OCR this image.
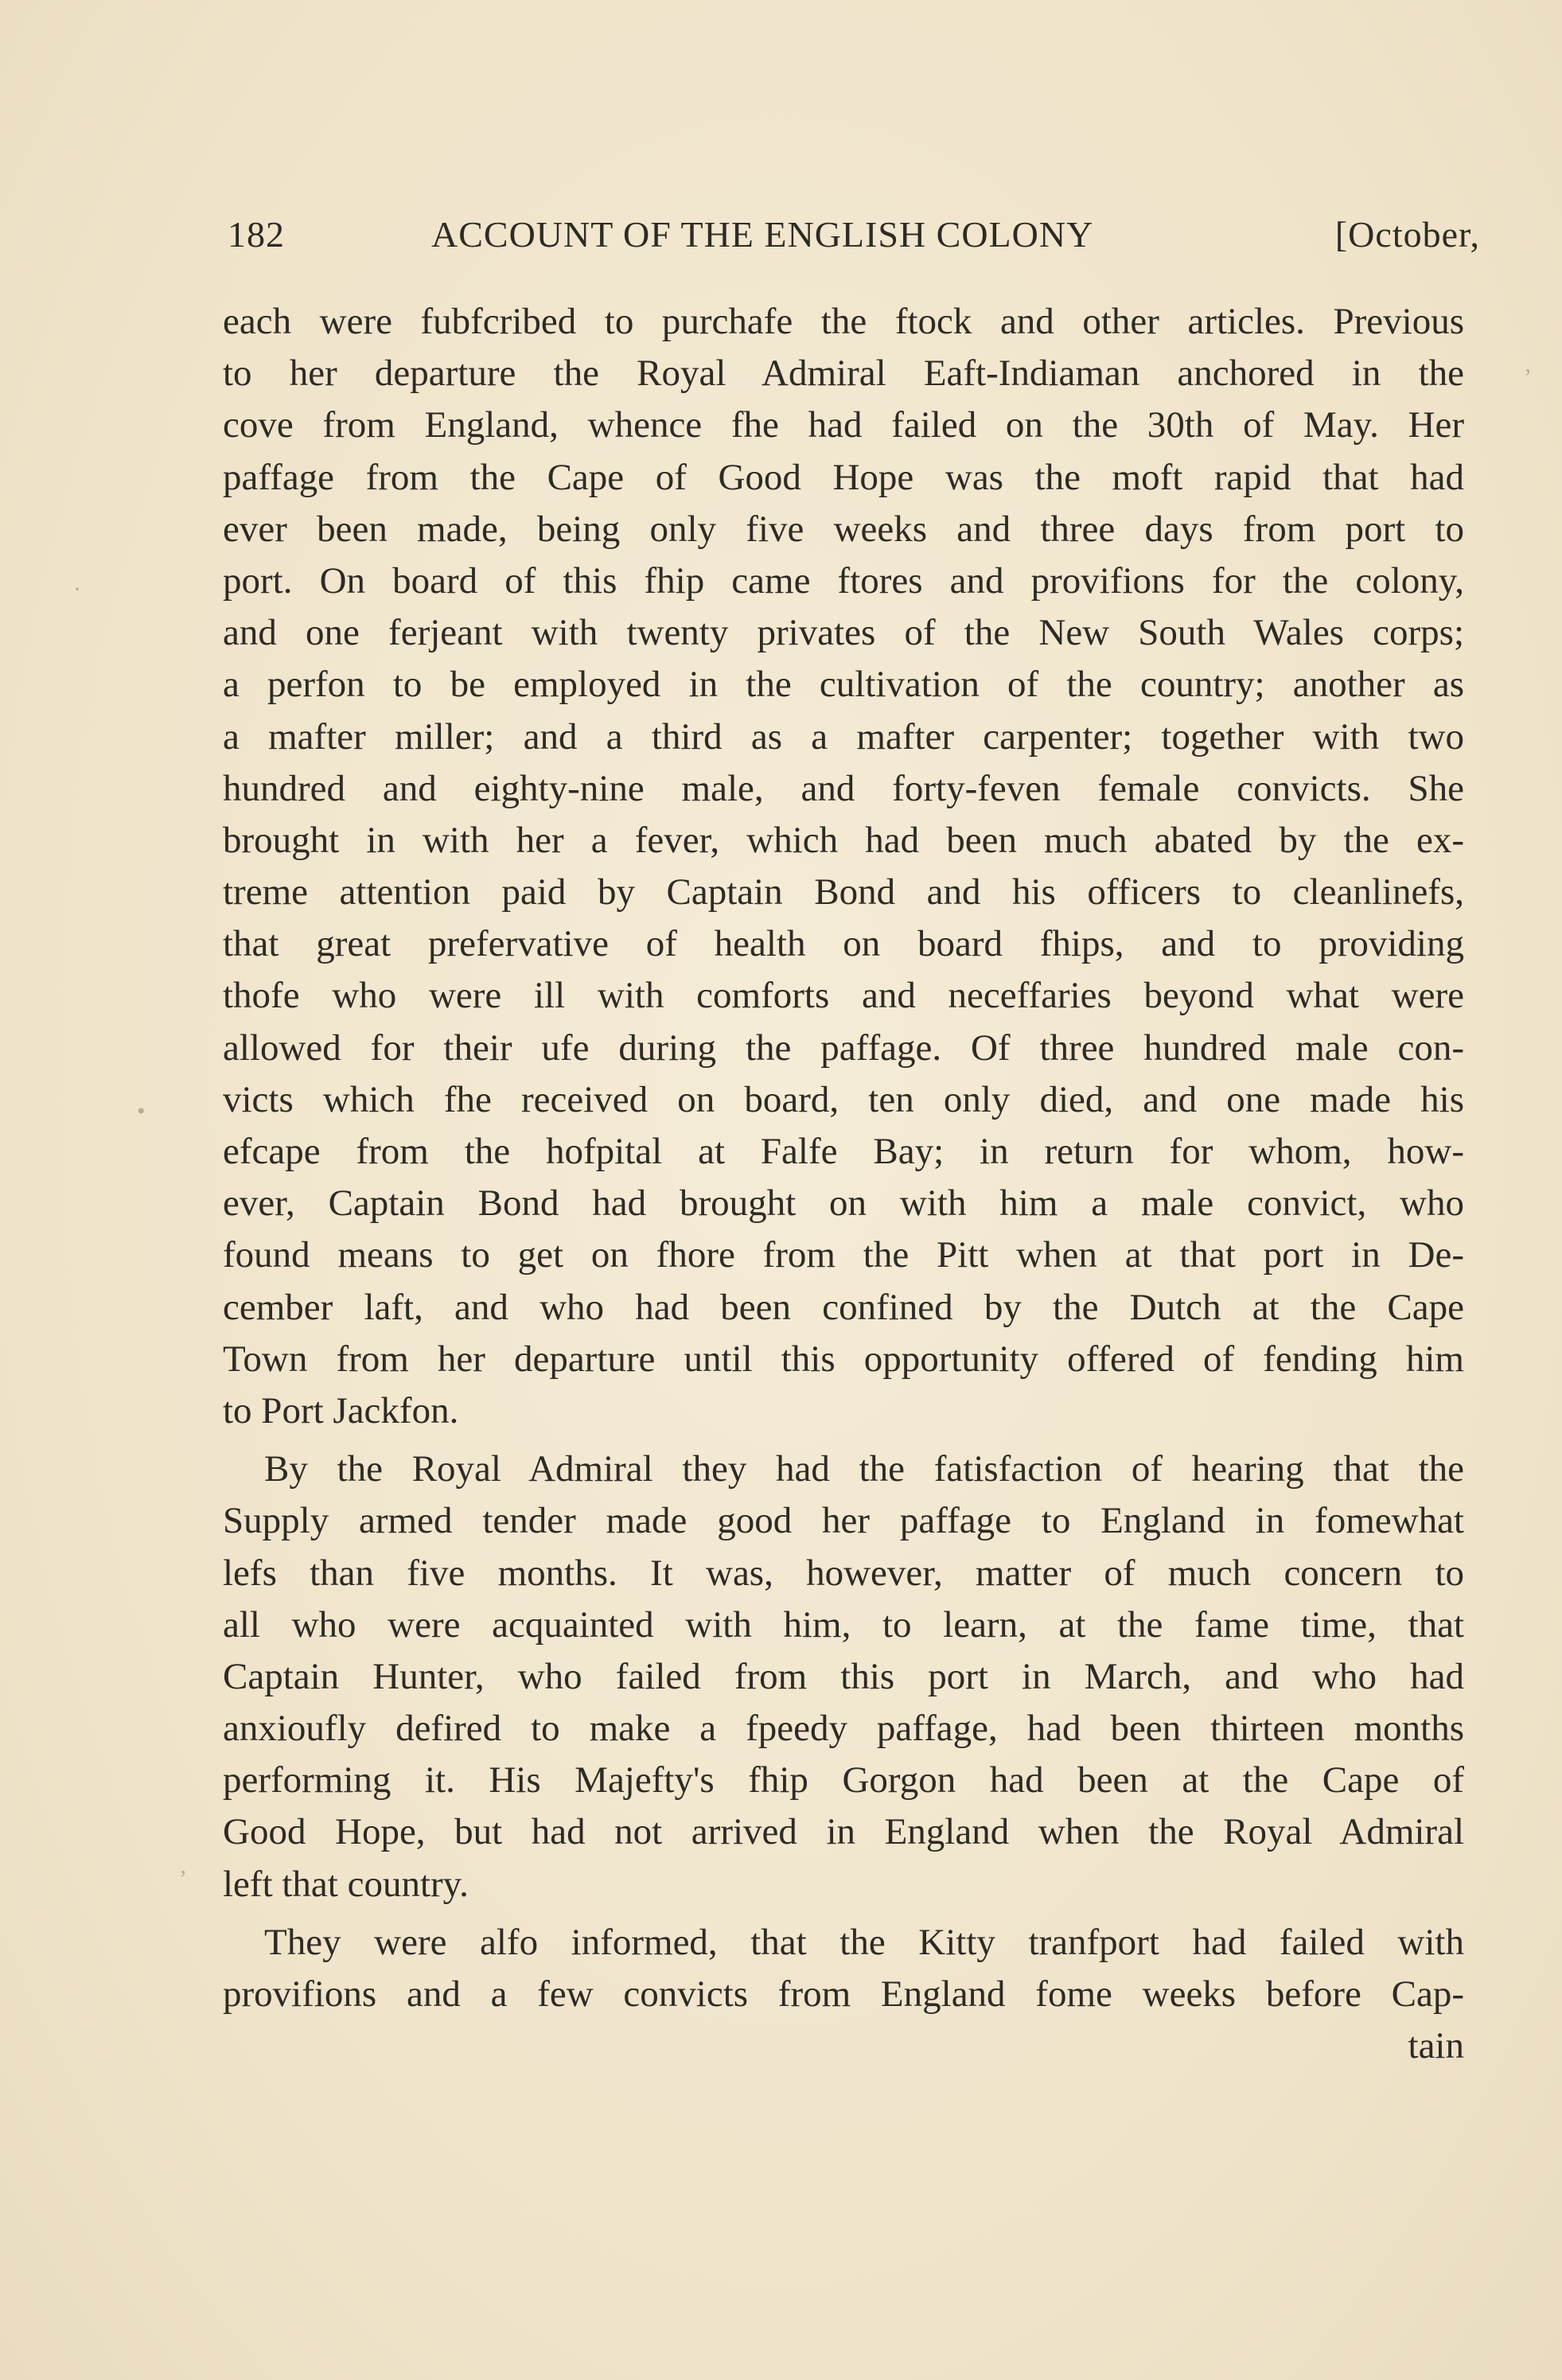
182	ACCOUNT OF THE ENGLISH COLONY	[October,
each were fubfcribed to purchafe the ftock and other articles. Previous
to her departure the Royal Admiral Eaft-Indiaman anchored in the
cove from England, whence fhe had failed on the 30th of May. Her
paffage from the Cape of Good Hope was the moft rapid that had
ever been made, being only five weeks and three days from port to
port. On board of this fhip came ftores and provifions for the colony,
and one ferjeant with twenty privates of the New South Wales corps;
a perfon to be employed in the cultivation of the country; another as
a mafter miller; and a third as a mafter carpenter; together with two
hundred and eighty-nine male, and forty-feven female convicts. She
brought in with her a fever, which had been much abated by the ex-
treme attention paid by Captain Bond and his officers to cleanlinefs,
that great prefervative of health on board fhips, and to providing
thofe who were ill with comforts and neceffaries beyond what were
allowed for their ufe during the paffage. Of three hundred male con-
victs which fhe received on board, ten only died, and one made his
efcape from the hofpital at Falfe Bay; in return for whom, how-
ever, Captain Bond had brought on with him a male convict, who
found means to get on fhore from the Pitt when at that port in De-
cember laft, and who had been confined by the Dutch at the Cape
Town from her departure until this opportunity offered of fending him
to Port Jackfon.
By the Royal Admiral they had the fatisfaction of hearing that the
Supply armed tender made good her paffage to England in fomewhat
lefs than five months. It was, however, matter of much concern to
all who were acquainted with him, to learn, at the fame time, that
Captain Hunter, who failed from this port in March, and who had
anxioufly defired to make a fpeedy paffage, had been thirteen months
performing it. His Majefty's fhip Gorgon had been at the Cape of
Good Hope, but had not arrived in England when the Royal Admiral
left that country.
They were alfo informed, that the Kitty tranfport had failed with
provifions and a few convicts from England fome weeks before Cap-
tain
ʼ
·
•
ʼ
